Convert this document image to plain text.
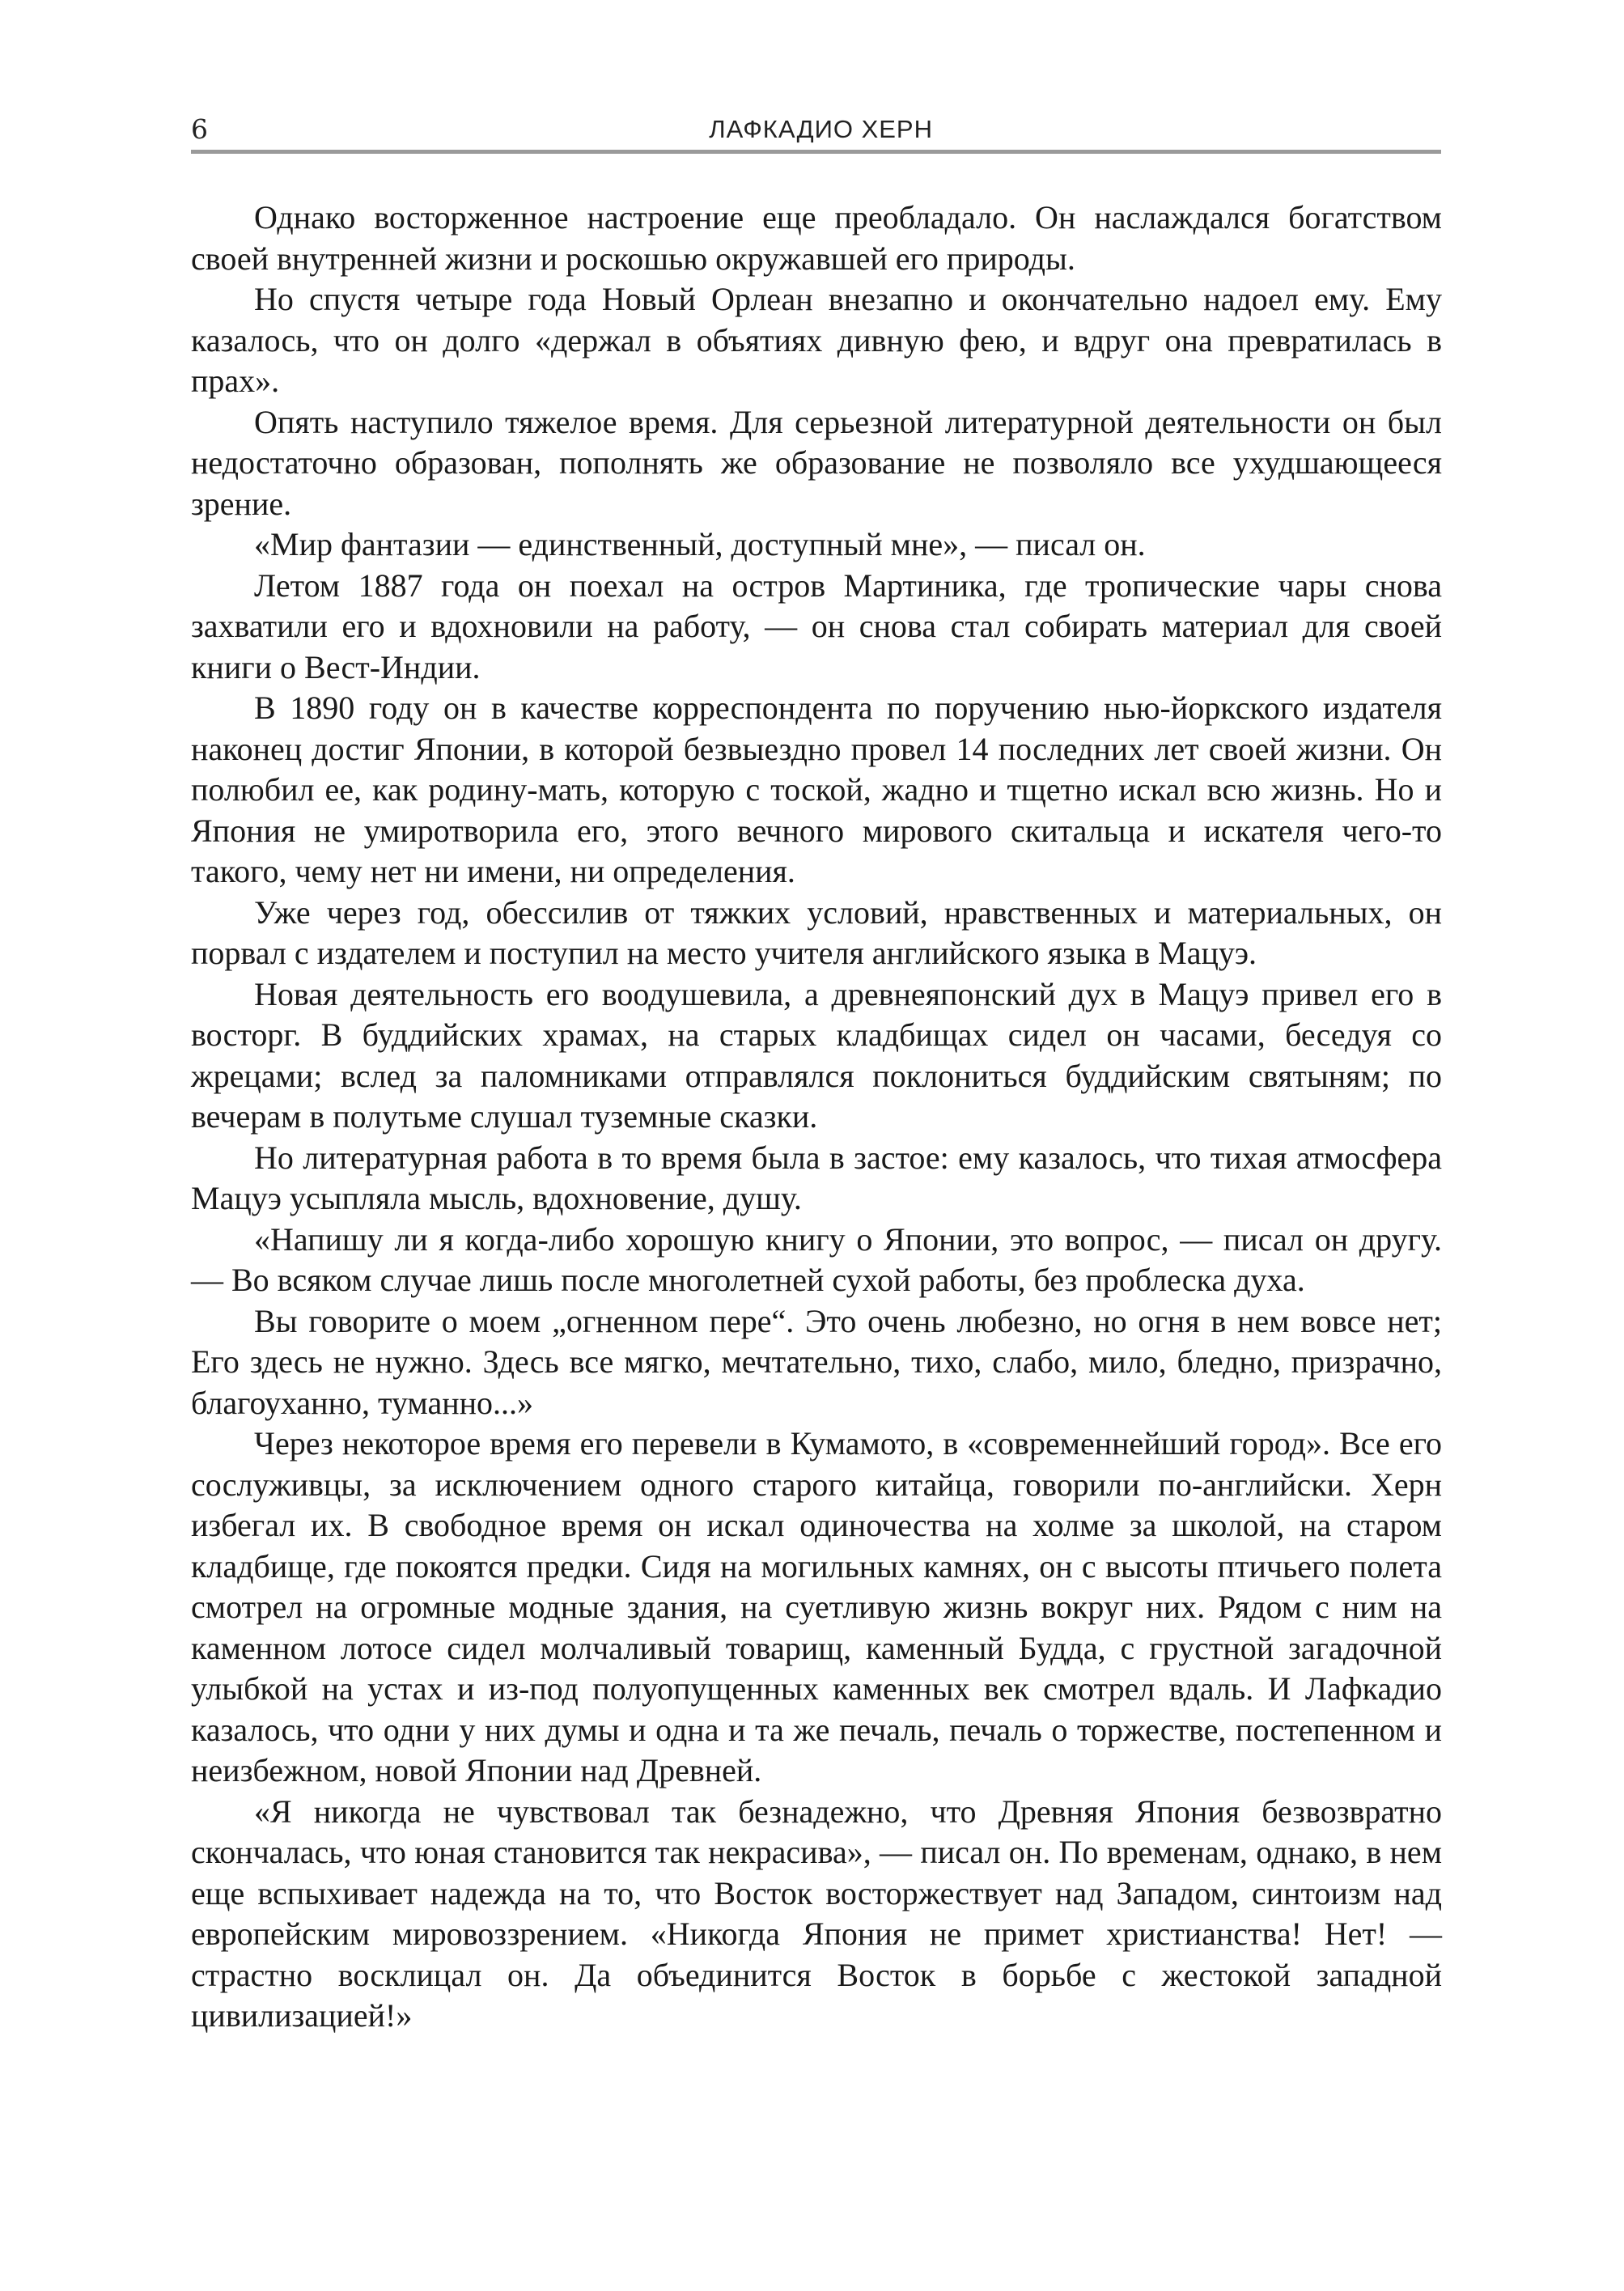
6	ЛАФКАДИО ХЕРН

Однако восторженное настроение еще преобладало. Он наслаждался богатством своей внутренней жизни и роскошью окружавшей его природы.

Но спустя четыре года Новый Орлеан внезапно и окончательно надоел ему. Ему казалось, что он долго «держал в объятиях дивную фею, и вдруг она превратилась в прах».

Опять наступило тяжелое время. Для серьезной литературной деятельности он был недостаточно образован, пополнять же образование не позволяло все ухудшающееся зрение.

«Мир фантазии — единственный, доступный мне», — писал он.

Летом 1887 года он поехал на остров Мартиника, где тропические чары снова захватили его и вдохновили на работу, — он снова стал собирать материал для своей книги о Вест-Индии.

В 1890 году он в качестве корреспондента по поручению нью-йоркского издателя наконец достиг Японии, в которой безвыездно провел 14 последних лет своей жизни. Он полюбил ее, как родину-мать, которую с тоской, жадно и тщетно искал всю жизнь. Но и Япония не умиротворила его, этого вечного мирового скитальца и искателя чего-то такого, чему нет ни имени, ни определения.

Уже через год, обессилив от тяжких условий, нравственных и материальных, он порвал с издателем и поступил на место учителя английского языка в Мацуэ.

Новая деятельность его воодушевила, а древнеяпонский дух в Мацуэ привел его в восторг. В буддийских храмах, на старых кладбищах сидел он часами, беседуя со жрецами; вслед за паломниками отправлялся поклониться буддийским святыням; по вечерам в полутьме слушал туземные сказки.

Но литературная работа в то время была в застое: ему казалось, что тихая атмосфера Мацуэ усыпляла мысль, вдохновение, душу.

«Напишу ли я когда-либо хорошую книгу о Японии, это вопрос, — писал он другу. — Во всяком случае лишь после многолетней сухой работы, без проблеска духа.

Вы говорите о моем „огненном пере“. Это очень любезно, но огня в нем вовсе нет; Его здесь не нужно. Здесь все мягко, мечтательно, тихо, слабо, мило, бледно, призрачно, благоуханно, туманно...»

Через некоторое время его перевели в Кумамото, в «современнейший город». Все его сослуживцы, за исключением одного старого китайца, говорили по-английски. Херн избегал их. В свободное время он искал одиночества на холме за школой, на старом кладбище, где покоятся предки. Сидя на могильных камнях, он с высоты птичьего полета смотрел на огромные модные здания, на суетливую жизнь вокруг них. Рядом с ним на каменном лотосе сидел молчаливый товарищ, каменный Будда, с грустной загадочной улыбкой на устах и из-под полуопущенных каменных век смотрел вдаль. И Лафкадио казалось, что одни у них думы и одна и та же печаль, печаль о торжестве, постепенном и неизбежном, новой Японии над Древней.

«Я никогда не чувствовал так безнадежно, что Древняя Япония безвозвратно скончалась, что юная становится так некрасива», — писал он. По временам, однако, в нем еще вспыхивает надежда на то, что Восток восторжествует над Западом, синтоизм над европейским мировоззрением. «Никогда Япония не примет христианства! Нет! — страстно восклицал он. Да объединится Восток в борьбе с жестокой западной цивилизацией!»
